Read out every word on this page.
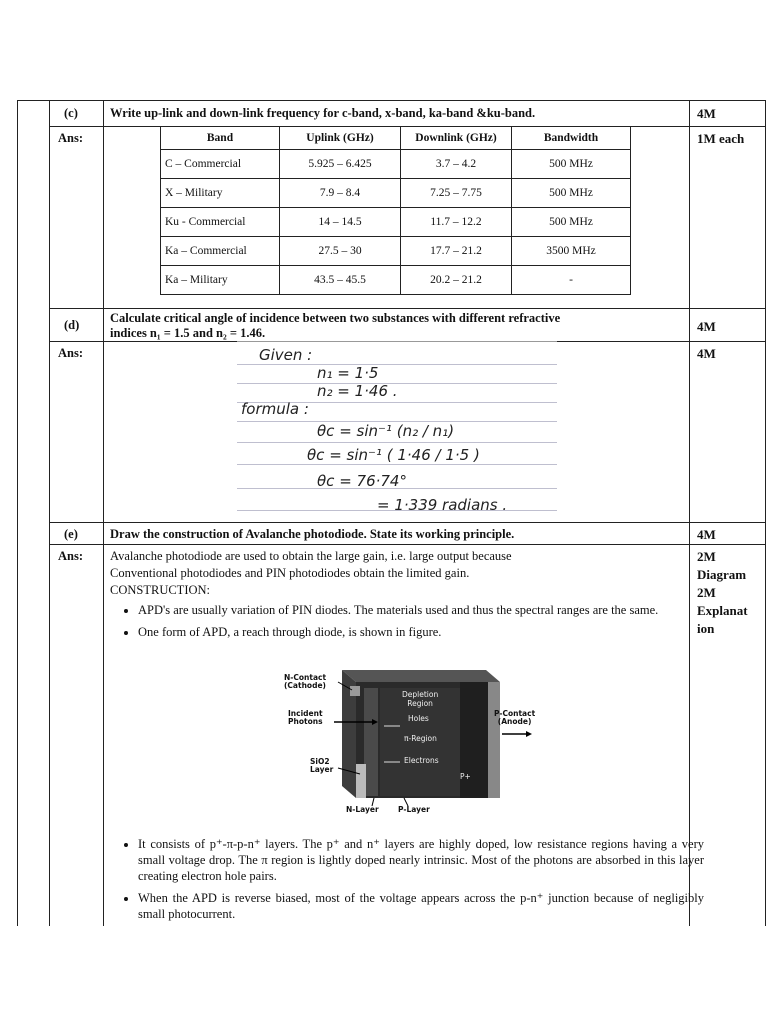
(c)	Write up-link and down-link frequency for c-band, x-band, ka-band &ku-band.	4M
Ans:	1M each
Band	Uplink (GHz)	Downlink (GHz)	Bandwidth
C – Commercial	5.925 – 6.425	3.7 – 4.2	500 MHz
X – Military	7.9 – 8.4	7.25 – 7.75	500 MHz
Ku - Commercial	14 – 14.5	11.7 – 12.2	500 MHz
Ka – Commercial	27.5 – 30	17.7 – 21.2	3500 MHz
Ka – Military	43.5 – 45.5	20.2 – 21.2	-
(d) Calculate critical angle of incidence between two substances with different refractive
indices n₁ = 1.5 and n₂ = 1.46.	4M
Ans:	4M
Given :
n₁ = 1·5
n₂ = 1·46 .
formula :
θc = sin⁻¹ (n₂ / n₁)
θc = sin⁻¹ ( 1·46 / 1·5 )
θc = 76·74°
= 1·339 radians .
(e)	Draw the construction of Avalanche photodiode. State its working principle.	4M
Ans:	2M
Diagram
2M
Explanat
ion
Avalanche photodiode are used to obtain the large gain, i.e. large output because
Conventional photodiodes and PIN photodiodes obtain the limited gain.
CONSTRUCTION:
• APD's are usually variation of PIN diodes. The materials used and thus the spectral ranges are the same.
• One form of APD, a reach through diode, is shown in figure.
N-Contact
(Cathode)
Incident
Photons
SiO2
Layer
Depletion
Region
Holes
π-Region
Electrons
P+
P-Contact
(Anode)
N-Layer	P-Layer
• It consists of p⁺-π-p-n⁺ layers. The p⁺ and n⁺ layers are highly doped, low resistance regions having a very small voltage drop. The π region is lightly doped nearly intrinsic. Most of the photons are absorbed in this layer creating electron hole pairs.
• When the APD is reverse biased, most of the voltage appears across the p-n⁺ junction because of negligibly small photocurrent.
